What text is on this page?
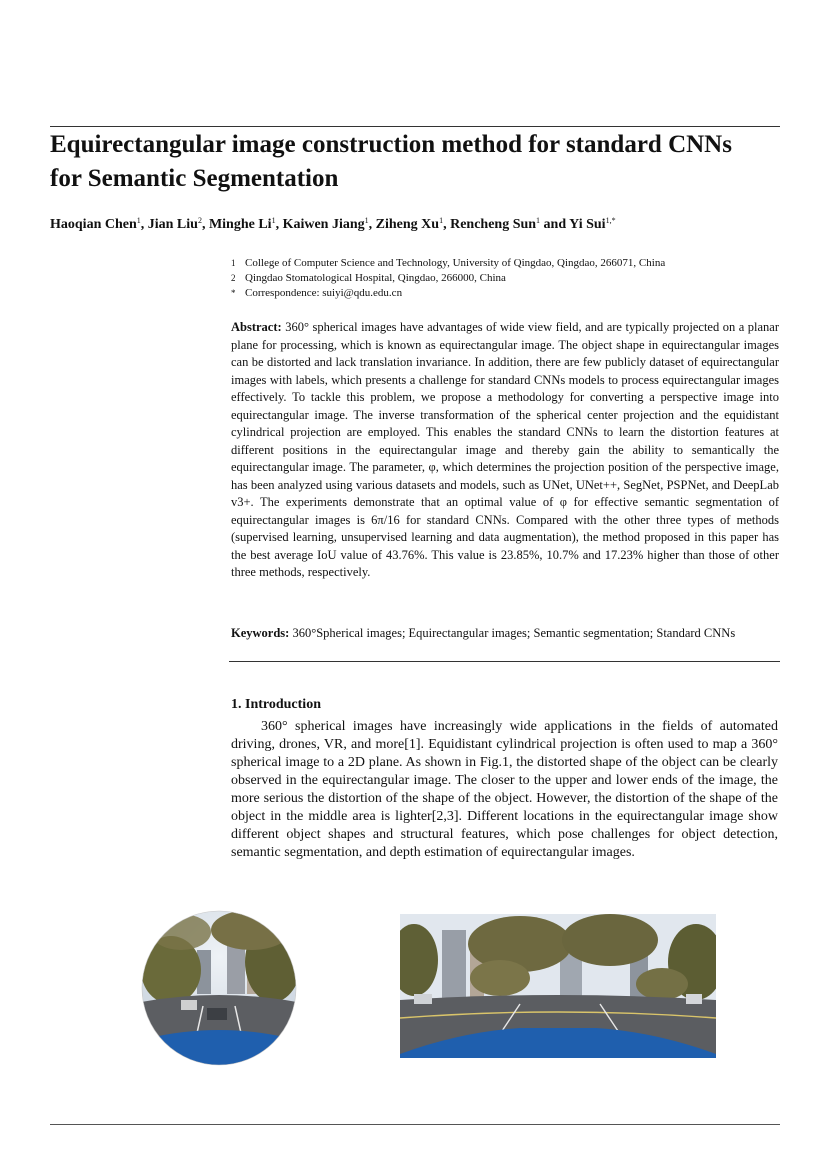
Equirectangular image construction method for standard CNNs
for Semantic Segmentation

Haoqian Chen$^1$, Jian Liu$^2$, Minghe Li$^1$, Kaiwen Jiang$^1$, Ziheng Xu$^1$, Rencheng Sun$^1$ and Yi Sui$^{1,*}$

1 College of Computer Science and Technology, University of Qingdao, Qingdao, 266071, China
2 Qingdao Stomatological Hospital, Qingdao, 266000, China
* Correspondence: suiyi@qdu.edu.cn

Abstract: 360° spherical images have advantages of wide view field, and are typically projected on a planar plane for processing, which is known as equirectangular image. The object shape in equirectangular images can be distorted and lack translation invariance. In addition, there are few publicly dataset of equirectangular images with labels, which presents a challenge for standard CNNs models to process equirectangular images effectively. To tackle this problem, we propose a methodology for converting a perspective image into equirectangular image. The inverse transformation of the spherical center projection and the equidistant cylindrical projection are employed. This enables the standard CNNs to learn the distortion features at different positions in the equirectangular image and thereby gain the ability to semantically the equirectangular image. The parameter, φ, which determines the projection position of the perspective image, has been analyzed using various datasets and models, such as UNet, UNet++, SegNet, PSPNet, and DeepLab v3+. The experiments demonstrate that an optimal value of φ for effective semantic segmentation of equirectangular images is 6π/16 for standard CNNs. Compared with the other three types of methods (supervised learning, unsupervised learning and data augmentation), the method proposed in this paper has the best average IoU value of 43.76%. This value is 23.85%, 10.7% and 17.23% higher than those of other three methods, respectively.

Keywords: 360°Spherical images; Equirectangular images; Semantic segmentation; Standard CNNs

1. Introduction

360° spherical images have increasingly wide applications in the fields of automated driving, drones, VR, and more[1]. Equidistant cylindrical projection is often used to map a 360° spherical image to a 2D plane. As shown in Fig.1, the distorted shape of the object can be clearly observed in the equirectangular image. The closer to the upper and lower ends of the image, the more serious the distortion of the shape of the object. However, the distortion of the shape of the object in the middle area is lighter[2,3]. Different locations in the equirectangular image show different object shapes and structural features, which pose challenges for object detection, semantic segmentation, and depth estimation of equirectangular images.
